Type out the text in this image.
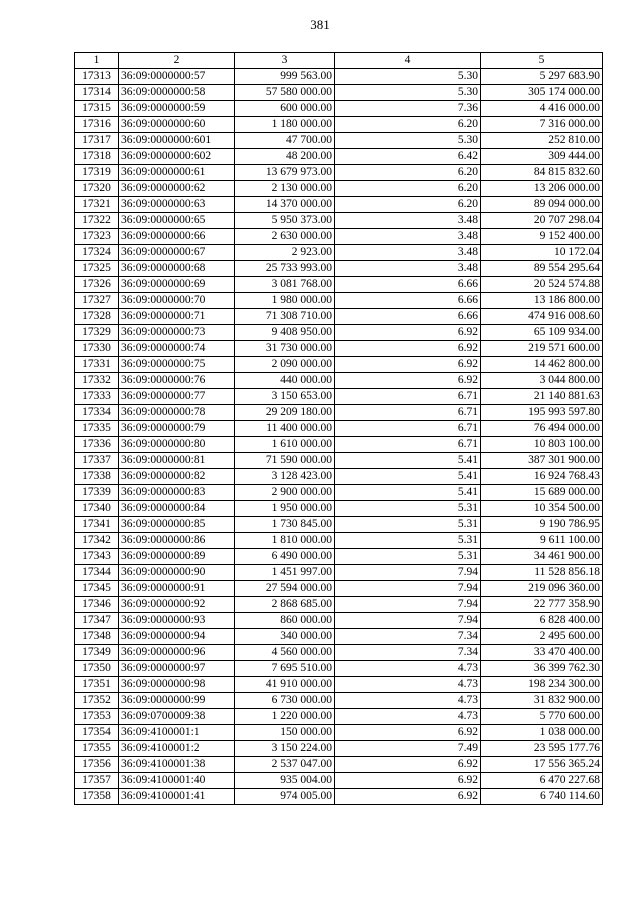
381
1	2	3	4	5
17313	36:09:0000000:57	999 563.00	5.30	5 297 683.90
17314	36:09:0000000:58	57 580 000.00	5.30	305 174 000.00
17315	36:09:0000000:59	600 000.00	7.36	4 416 000.00
17316	36:09:0000000:60	1 180 000.00	6.20	7 316 000.00
17317	36:09:0000000:601	47 700.00	5.30	252 810.00
17318	36:09:0000000:602	48 200.00	6.42	309 444.00
17319	36:09:0000000:61	13 679 973.00	6.20	84 815 832.60
17320	36:09:0000000:62	2 130 000.00	6.20	13 206 000.00
17321	36:09:0000000:63	14 370 000.00	6.20	89 094 000.00
17322	36:09:0000000:65	5 950 373.00	3.48	20 707 298.04
17323	36:09:0000000:66	2 630 000.00	3.48	9 152 400.00
17324	36:09:0000000:67	2 923.00	3.48	10 172.04
17325	36:09:0000000:68	25 733 993.00	3.48	89 554 295.64
17326	36:09:0000000:69	3 081 768.00	6.66	20 524 574.88
17327	36:09:0000000:70	1 980 000.00	6.66	13 186 800.00
17328	36:09:0000000:71	71 308 710.00	6.66	474 916 008.60
17329	36:09:0000000:73	9 408 950.00	6.92	65 109 934.00
17330	36:09:0000000:74	31 730 000.00	6.92	219 571 600.00
17331	36:09:0000000:75	2 090 000.00	6.92	14 462 800.00
17332	36:09:0000000:76	440 000.00	6.92	3 044 800.00
17333	36:09:0000000:77	3 150 653.00	6.71	21 140 881.63
17334	36:09:0000000:78	29 209 180.00	6.71	195 993 597.80
17335	36:09:0000000:79	11 400 000.00	6.71	76 494 000.00
17336	36:09:0000000:80	1 610 000.00	6.71	10 803 100.00
17337	36:09:0000000:81	71 590 000.00	5.41	387 301 900.00
17338	36:09:0000000:82	3 128 423.00	5.41	16 924 768.43
17339	36:09:0000000:83	2 900 000.00	5.41	15 689 000.00
17340	36:09:0000000:84	1 950 000.00	5.31	10 354 500.00
17341	36:09:0000000:85	1 730 845.00	5.31	9 190 786.95
17342	36:09:0000000:86	1 810 000.00	5.31	9 611 100.00
17343	36:09:0000000:89	6 490 000.00	5.31	34 461 900.00
17344	36:09:0000000:90	1 451 997.00	7.94	11 528 856.18
17345	36:09:0000000:91	27 594 000.00	7.94	219 096 360.00
17346	36:09:0000000:92	2 868 685.00	7.94	22 777 358.90
17347	36:09:0000000:93	860 000.00	7.94	6 828 400.00
17348	36:09:0000000:94	340 000.00	7.34	2 495 600.00
17349	36:09:0000000:96	4 560 000.00	7.34	33 470 400.00
17350	36:09:0000000:97	7 695 510.00	4.73	36 399 762.30
17351	36:09:0000000:98	41 910 000.00	4.73	198 234 300.00
17352	36:09:0000000:99	6 730 000.00	4.73	31 832 900.00
17353	36:09:0700009:38	1 220 000.00	4.73	5 770 600.00
17354	36:09:4100001:1	150 000.00	6.92	1 038 000.00
17355	36:09:4100001:2	3 150 224.00	7.49	23 595 177.76
17356	36:09:4100001:38	2 537 047.00	6.92	17 556 365.24
17357	36:09:4100001:40	935 004.00	6.92	6 470 227.68
17358	36:09:4100001:41	974 005.00	6.92	6 740 114.60
